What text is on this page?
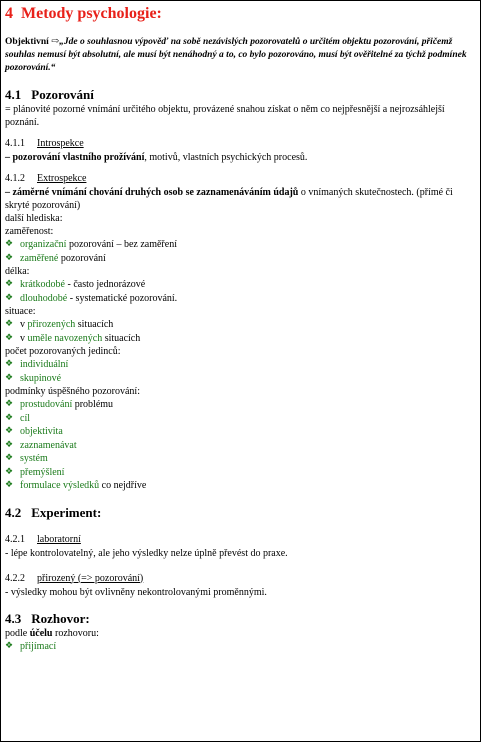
4 Metody psychologie:
Objektivní ⇨„Jde o souhlasnou výpověď na sobě nezávislých pozorovatelů o určitém objektu pozorování, přičemž souhlas nemusí být absolutní, ale musí být nenáhodný a to, co bylo pozorováno, musí být ověřitelné za týchž podmínek pozorování.“
4.1 Pozorování
= plánovité pozorné vnímání určitého objektu, provázené snahou získat o něm co nejpřesnější a nejrozsáhlejší poznání.
4.1.1 Introspekce
– pozorování vlastního prožívání, motivů, vlastních psychických procesů.
4.1.2 Extrospekce
– záměrné vnímání chování druhých osob se zaznamenáváním údajů o vnímaných skutečnostech. (přímé či skryté pozorování)
další hlediska:
zaměřenost:
❖ organizační pozorování – bez zaměření
❖ zaměřené pozorování
délka:
❖ krátkodobé - často jednorázové
❖ dlouhodobé - systematické pozorování.
situace:
❖ v přirozených situacích
❖ v uměle navozených situacích
počet pozorovaných jedinců:
❖ individuální
❖ skupinové
podmínky úspěšného pozorování:
❖ prostudování problému
❖ cíl
❖ objektivita
❖ zaznamenávat
❖ systém
❖ přemýšlení
❖ formulace výsledků co nejdříve
4.2 Experiment:
4.2.1 laboratorní
- lépe kontrolovatelný, ale jeho výsledky nelze úplně převést do praxe.
4.2.2 přirozený (=> pozorování)
- výsledky mohou být ovlivněny nekontrolovanými proměnnými.
4.3 Rozhovor:
podle účelu rozhovoru:
❖ přijímací
